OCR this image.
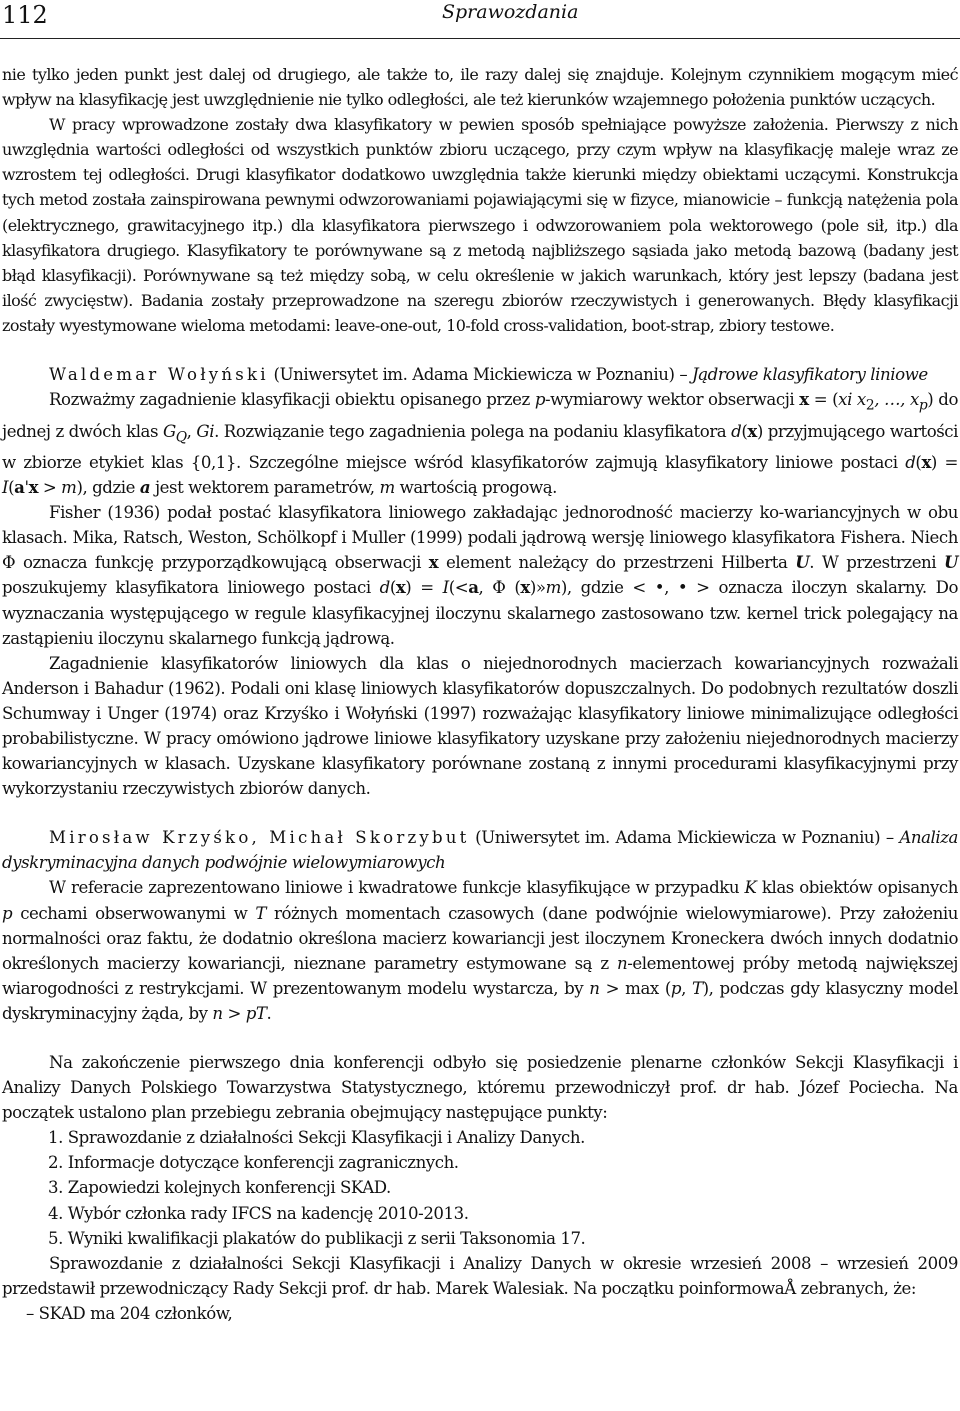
112	Sprawozdania

nie tylko jeden punkt jest dalej od drugiego, ale także to, ile razy dalej się znajduje. Kolejnym czynnikiem mogącym mieć wpływ na klasyfikację jest uwzględnienie nie tylko odległości, ale też kierunków wzajemnego położenia punktów uczących.

W pracy wprowadzone zostały dwa klasyfikatory w pewien sposób spełniające powyższe założenia. Pierwszy z nich uwzględnia wartości odległości od wszystkich punktów zbioru uczącego, przy czym wpływ na klasyfikację maleje wraz ze wzrostem tej odległości. Drugi klasyfikator dodatkowo uwzględnia także kierunki między obiektami uczącymi. Konstrukcja tych metod została zainspirowana pewnymi odwzorowaniami pojawiającymi się w fizyce, mianowicie – funkcją natężenia pola (elektrycznego, grawitacyjnego itp.) dla klasyfikatora pierwszego i odwzorowaniem pola wektorowego (pole sił, itp.) dla klasyfikatora drugiego. Klasyfikatory te porównywane są z metodą najbliższego sąsiada jako metodą bazową (badany jest błąd klasyfikacji). Porównywane są też między sobą, w celu określenie w jakich warunkach, który jest lepszy (badana jest ilość zwycięstw). Badania zostały przeprowadzone na szeregu zbiorów rzeczywistych i generowanych. Błędy klasyfikacji zostały wyestymowane wieloma metodami: leave-one-out, 10-fold cross-validation, boot-strap, zbiory testowe.

Waldemar Wołyński (Uniwersytet im. Adama Mickiewicza w Poznaniu) – Jądrowe klasyfikatory liniowe

Rozważmy zagadnienie klasyfikacji obiektu opisanego przez p-wymiarowy wektor obserwacji x = (xi $x_2$, …, $x_p$) do jednej z dwóch klas $G_Q$, Gi. Rozwiązanie tego zagadnienia polega na podaniu klasyfikatora d(x) przyjmującego wartości w zbiorze etykiet klas {0,1}. Szczególne miejsce wśród klasyfikatorów zajmują klasyfikatory liniowe postaci d(x) = I(a'x > m), gdzie a jest wektorem parametrów, m wartością progową.

Fisher (1936) podał postać klasyfikatora liniowego zakładając jednorodność macierzy ko-wariancyjnych w obu klasach. Mika, Ratsch, Weston, Schölkopf i Muller (1999) podali jądrową wersję liniowego klasyfikatora Fishera. Niech Φ oznacza funkcję przyporządkowującą obserwacji x element należący do przestrzeni Hilberta U. W przestrzeni U poszukujemy klasyfikatora liniowego postaci d(x) = I(<a, Φ (x)»m), gdzie < •, • > oznacza iloczyn skalarny. Do wyznaczania występującego w regule klasyfikacyjnej iloczynu skalarnego zastosowano tzw. kernel trick polegający na zastąpieniu iloczynu skalarnego funkcją jądrową.

Zagadnienie klasyfikatorów liniowych dla klas o niejednorodnych macierzach kowariancyjnych rozważali Anderson i Bahadur (1962). Podali oni klasę liniowych klasyfikatorów dopuszczalnych. Do podobnych rezultatów doszli Schumway i Unger (1974) oraz Krzyśko i Wołyński (1997) rozważając klasyfikatory liniowe minimalizujące odległości probabilistyczne. W pracy omówiono jądrowe liniowe klasyfikatory uzyskane przy założeniu niejednorodnych macierzy kowariancyjnych w klasach. Uzyskane klasyfikatory porównane zostaną z innymi procedurami klasyfikacyjnymi przy wykorzystaniu rzeczywistych zbiorów danych.

Mirosław Krzyśko, Michał Skorzybut (Uniwersytet im. Adama Mickiewicza w Poznaniu) – Analiza dyskryminacyjna danych podwójnie wielowymiarowych

W referacie zaprezentowano liniowe i kwadratowe funkcje klasyfikujące w przypadku K klas obiektów opisanych p cechami obserwowanymi w T różnych momentach czasowych (dane podwójnie wielowymiarowe). Przy założeniu normalności oraz faktu, że dodatnio określona macierz kowariancji jest iloczynem Kroneckera dwóch innych dodatnio określonych macierzy kowariancji, nieznane parametry estymowane są z n-elementowej próby metodą największej wiarogodności z restrykcjami. W prezentowanym modelu wystarcza, by n > max (p, T), podczas gdy klasyczny model dyskryminacyjny żąda, by n > pT.

Na zakończenie pierwszego dnia konferencji odbyło się posiedzenie plenarne członków Sekcji Klasyfikacji i Analizy Danych Polskiego Towarzystwa Statystycznego, któremu przewodniczył prof. dr hab. Józef Pociecha. Na początek ustalono plan przebiegu zebrania obejmujący następujące punkty:

1. Sprawozdanie z działalności Sekcji Klasyfikacji i Analizy Danych.
2. Informacje dotyczące konferencji zagranicznych.
3. Zapowiedzi kolejnych konferencji SKAD.
4. Wybór członka rady IFCS na kadencję 2010-2013.
5. Wyniki kwalifikacji plakatów do publikacji z serii Taksonomia 17.

Sprawozdanie z działalności Sekcji Klasyfikacji i Analizy Danych w okresie wrzesień 2008 – wrzesień 2009 przedstawił przewodniczący Rady Sekcji prof. dr hab. Marek Walesiak. Na początku poinformowaÅ zebranych, że:

– SKAD ma 204 członków,
